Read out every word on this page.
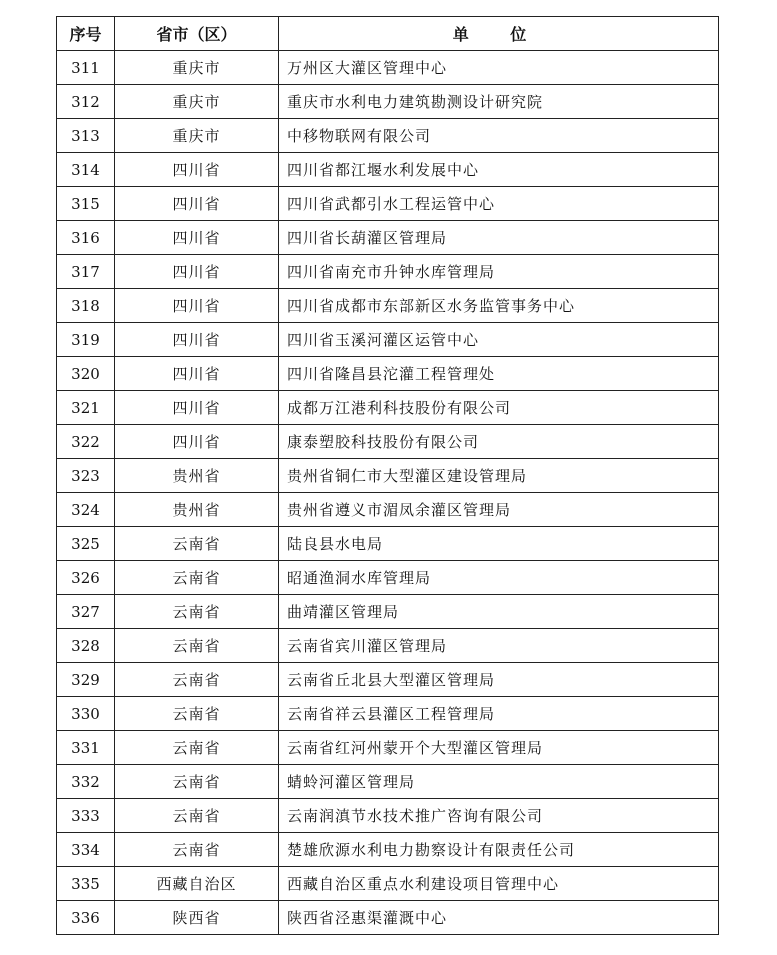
序号	省市（区）	单 位
311	重庆市	万州区大灌区管理中心
312	重庆市	重庆市水利电力建筑勘测设计研究院
313	重庆市	中移物联网有限公司
314	四川省	四川省都江堰水利发展中心
315	四川省	四川省武都引水工程运管中心
316	四川省	四川省长葫灌区管理局
317	四川省	四川省南充市升钟水库管理局
318	四川省	四川省成都市东部新区水务监管事务中心
319	四川省	四川省玉溪河灌区运管中心
320	四川省	四川省隆昌县沱灌工程管理处
321	四川省	成都万江港利科技股份有限公司
322	四川省	康泰塑胶科技股份有限公司
323	贵州省	贵州省铜仁市大型灌区建设管理局
324	贵州省	贵州省遵义市湄凤余灌区管理局
325	云南省	陆良县水电局
326	云南省	昭通渔洞水库管理局
327	云南省	曲靖灌区管理局
328	云南省	云南省宾川灌区管理局
329	云南省	云南省丘北县大型灌区管理局
330	云南省	云南省祥云县灌区工程管理局
331	云南省	云南省红河州蒙开个大型灌区管理局
332	云南省	蜻蛉河灌区管理局
333	云南省	云南润滇节水技术推广咨询有限公司
334	云南省	楚雄欣源水利电力勘察设计有限责任公司
335	西藏自治区	西藏自治区重点水利建设项目管理中心
336	陕西省	陕西省泾惠渠灌溉中心
